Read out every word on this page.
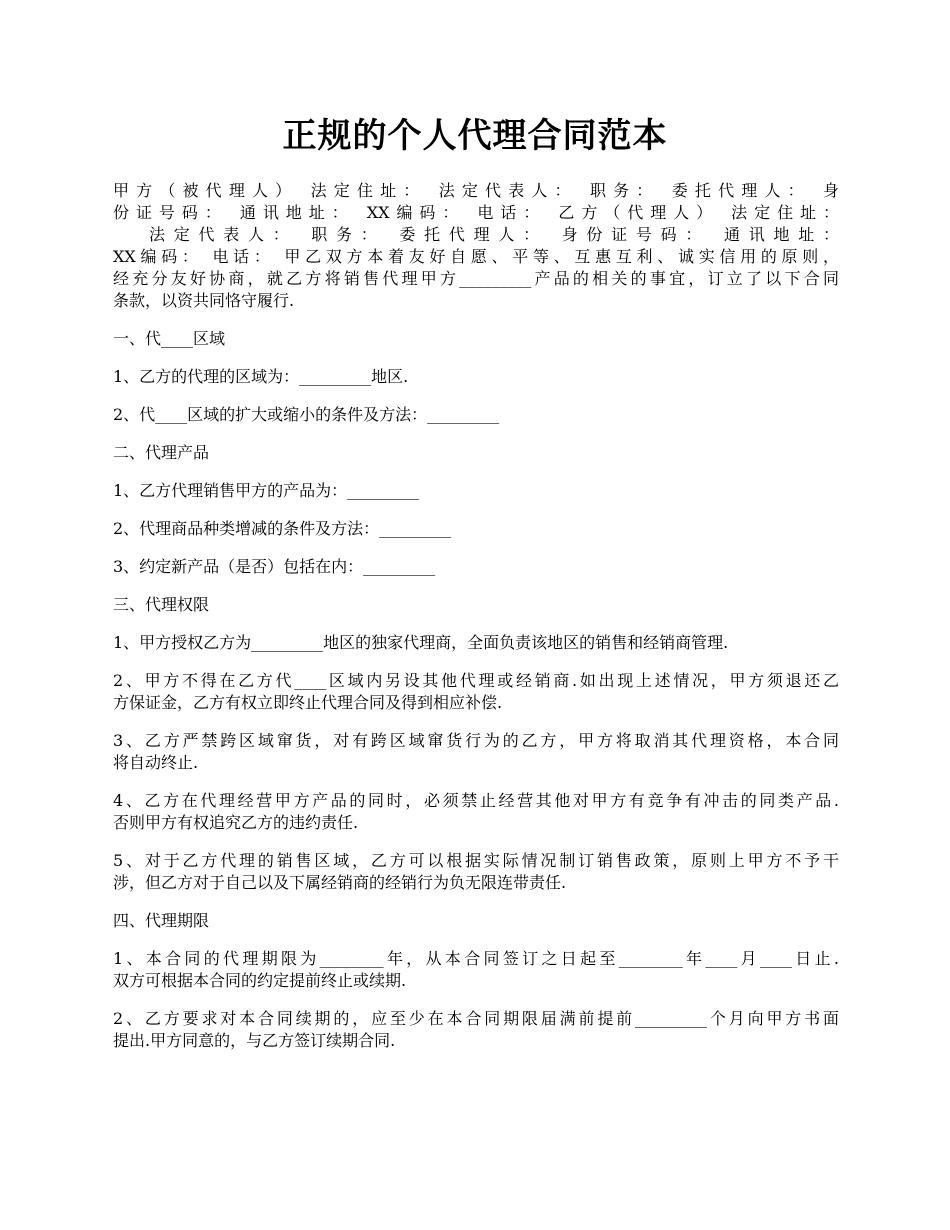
正规的个人代理合同范本
甲方（被代理人） 法定住址： 法定代表人： 职务： 委托代理人： 身
份证号码： 通讯地址： XX编码： 电话： 乙方（代理人） 法定住址：
法定代表人： 职务： 委托代理人： 身份证号码： 通讯地址：
XX编码： 电话： 甲乙双方本着友好自愿、平等、互惠互利、诚实信用的原则，
经充分友好协商，就乙方将销售代理甲方_________产品的相关的事宜，订立了以下合同
条款，以资共同恪守履行.
一、代____区域
1、乙方的代理的区域为：_________地区.
2、代____区域的扩大或缩小的条件及方法：_________
二、代理产品
1、乙方代理销售甲方的产品为：_________
2、代理商品种类增减的条件及方法：_________
3、约定新产品（是否）包括在内：_________
三、代理权限
1、甲方授权乙方为_________地区的独家代理商，全面负责该地区的销售和经销商管理.
2、甲方不得在乙方代____区域内另设其他代理或经销商.如出现上述情况，甲方须退还乙
方保证金，乙方有权立即终止代理合同及得到相应补偿.
3、乙方严禁跨区域窜货，对有跨区域窜货行为的乙方，甲方将取消其代理资格，本合同
将自动终止.
4、乙方在代理经营甲方产品的同时，必须禁止经营其他对甲方有竞争有冲击的同类产品.
否则甲方有权追究乙方的违约责任.
5、对于乙方代理的销售区域，乙方可以根据实际情况制订销售政策，原则上甲方不予干
涉，但乙方对于自己以及下属经销商的经销行为负无限连带责任.
四、代理期限
1、本合同的代理期限为________年，从本合同签订之日起至________年____月____日止.
双方可根据本合同的约定提前终止或续期.
2、乙方要求对本合同续期的，应至少在本合同期限届满前提前_________个月向甲方书面
提出.甲方同意的，与乙方签订续期合同.
